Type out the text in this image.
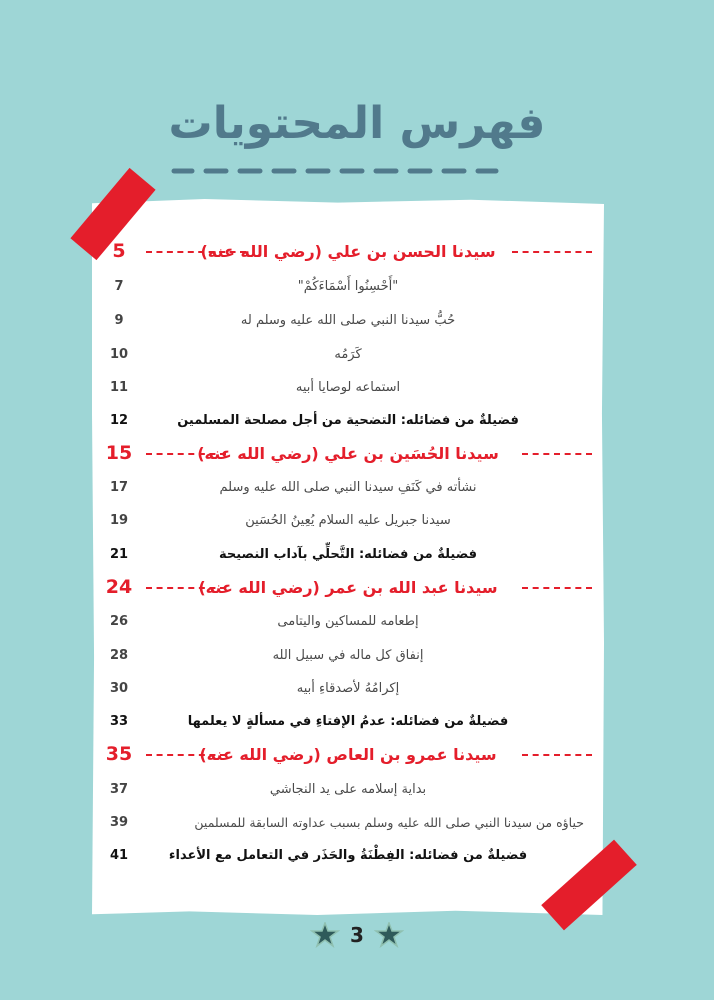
فهرس المحتويات
سيدنا الحسن بن علي (رضي الله عنه)
5
"أَحْسِنُوا أَسْمَاءَكُمْ"
7
حُبُّ سيدنا النبي صلى الله عليه وسلم له
9
كَرَمُه
10
استماعه لوصايا أبيه
11
فضيلةٌ من فضائله: التضحية من أجل مصلحة المسلمين
12
سيدنا الحُسَين بن علي (رضي الله عنه)
15
نشأته في كَنَفِ سيدنا النبي صلى الله عليه وسلم
17
سيدنا جبريل عليه السلام يُعِينُ الحُسَين
19
فضيلةٌ من فضائله: التَّحلِّي بآداب النصيحة
21
سيدنا عبد الله بن عمر (رضي الله عنه)
24
إطعامه للمساكين واليتامى
26
إنفاق كل ماله في سبيل الله
28
إكرامُهُ لأصدقاءِ أبيه
30
فضيلةٌ من فضائله: عدمُ الإفتاءِ في مسألةٍ لا يعلمها
33
سيدنا عمرو بن العاص (رضي الله عنه)
35
بداية إسلامه على يد النجاشي
37
حياؤه من سيدنا النبي صلى الله عليه وسلم بسبب عداوته السابقة للمسلمين
39
فضيلةٌ من فضائله: الفِطْنَةُ والحَذَر في التعامل مع الأعداء
41
3
